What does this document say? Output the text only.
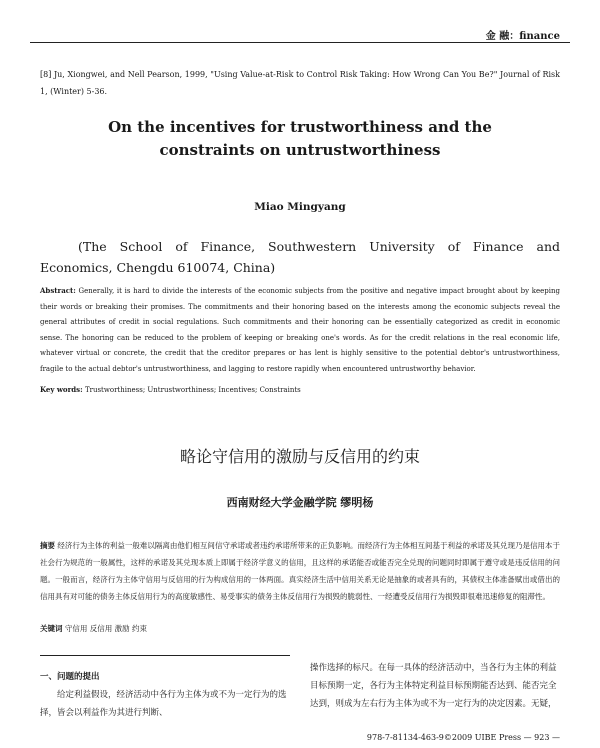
金 融：finance
[8] Ju, Xiongwei, and Nell Pearson, 1999, "Using Value-at-Risk to Control Risk Taking: How Wrong Can You Be?" Journal of Risk 1, (Winter) 5-36.
On the incentives for trustworthiness and the
constraints on untrustworthiness
Miao Mingyang
(The School of Finance, Southwestern University of Finance and Economics, Chengdu 610074, China)
Abstract: Generally, it is hard to divide the interests of the economic subjects from the positive and negative impact brought about by keeping their words or breaking their promises. The commitments and their honoring based on the interests among the economic subjects reveal the general attributes of credit in social regulations. Such commitments and their honoring can be essentially categorized as credit in economic sense. The honoring can be reduced to the problem of keeping or breaking one's words. As for the credit relations in the real economic life, whatever virtual or concrete, the credit that the creditor prepares or has lent is highly sensitive to the potential debtor's untrustworthiness, fragile to the actual debtor's untrustworthiness, and lagging to restore rapidly when encountered untrustworthy behavior.
Key words: Trustworthiness; Untrustworthiness; Incentives; Constraints
略论守信用的激励与反信用的约束
西南财经大学金融学院 缪明杨
摘要 经济行为主体的利益一般难以隔离由他们相互间信守承诺或者违约承诺所带来的正负影响。而经济行为主体相互间基于利益的承诺及其兑现乃是信用本于社会行为规范的一般属性，这样的承诺及其兑现本质上即属于经济学意义的信用，且这样的承诺能否或能否完全兑现的问题同时即属于遵守或是违反信用的问题。一般而言，经济行为主体守信用与反信用的行为构成信用的一体两面。真实经济生活中信用关系无论是抽象的或者具有的，其债权主体准备赋出或借出的信用具有对可能的债务主体反信用行为的高度敏感性、易受事实的债务主体反信用行为损毁的脆弱性、一经遭受反信用行为损毁即很难迅速修复的阻滞性。
关键词 守信用 反信用 激励 约束
一、问题的提出
给定利益假设，经济活动中各行为主体为或不为一定行为的选择，皆会以利益作为其进行判断、
操作选择的标尺。在每一具体的经济活动中，当各行为主体的利益目标预期一定，各行为主体特定利益目标预期能否达到、能否完全达到，则成为左右行为主体为或不为一定行为的决定因素。无疑，
978-7-81134-463-9©2009 UIBE Press — 923 —
